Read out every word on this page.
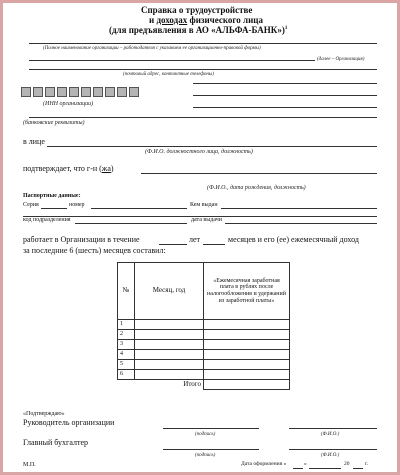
Справка о трудоустройстве
и доходах физического лица
(для предъявления в АО «АЛЬФА-БАНК»)$^1$
(Полное наименование организации – работодателя с указанием ее организационно-правовой формы)
(далее – Организация)
(почтовый адрес, контактные телефоны)
(ИНН организации)
(банковские реквизиты)
в лице
(Ф.И.О. должностного лица, должность)
подтверждает, что г-н (жа)
(Ф.И.О., дата рождения, должность)
Паспортные данные:
Серия	номер	Кем выдан
код подразделения	дата выдачи
работает в Организации в течение	лет	месяцев и его (ее) ежемесячный доход
за последние 6 (шесть) месяцев составил:
№	Месяц, год	«Ежемесячная заработная плата в рублях после налогообложения и удержаний из заработной платы»
1		
2		
3		
4		
5		
6		
	Итого	
«Подтверждаю»
Руководитель организации
(подпись)	(Ф.И.О.)
Главный бухгалтер
(подпись)	(Ф.И.О.)
М.П.	Дата оформления «	»	20	г.
